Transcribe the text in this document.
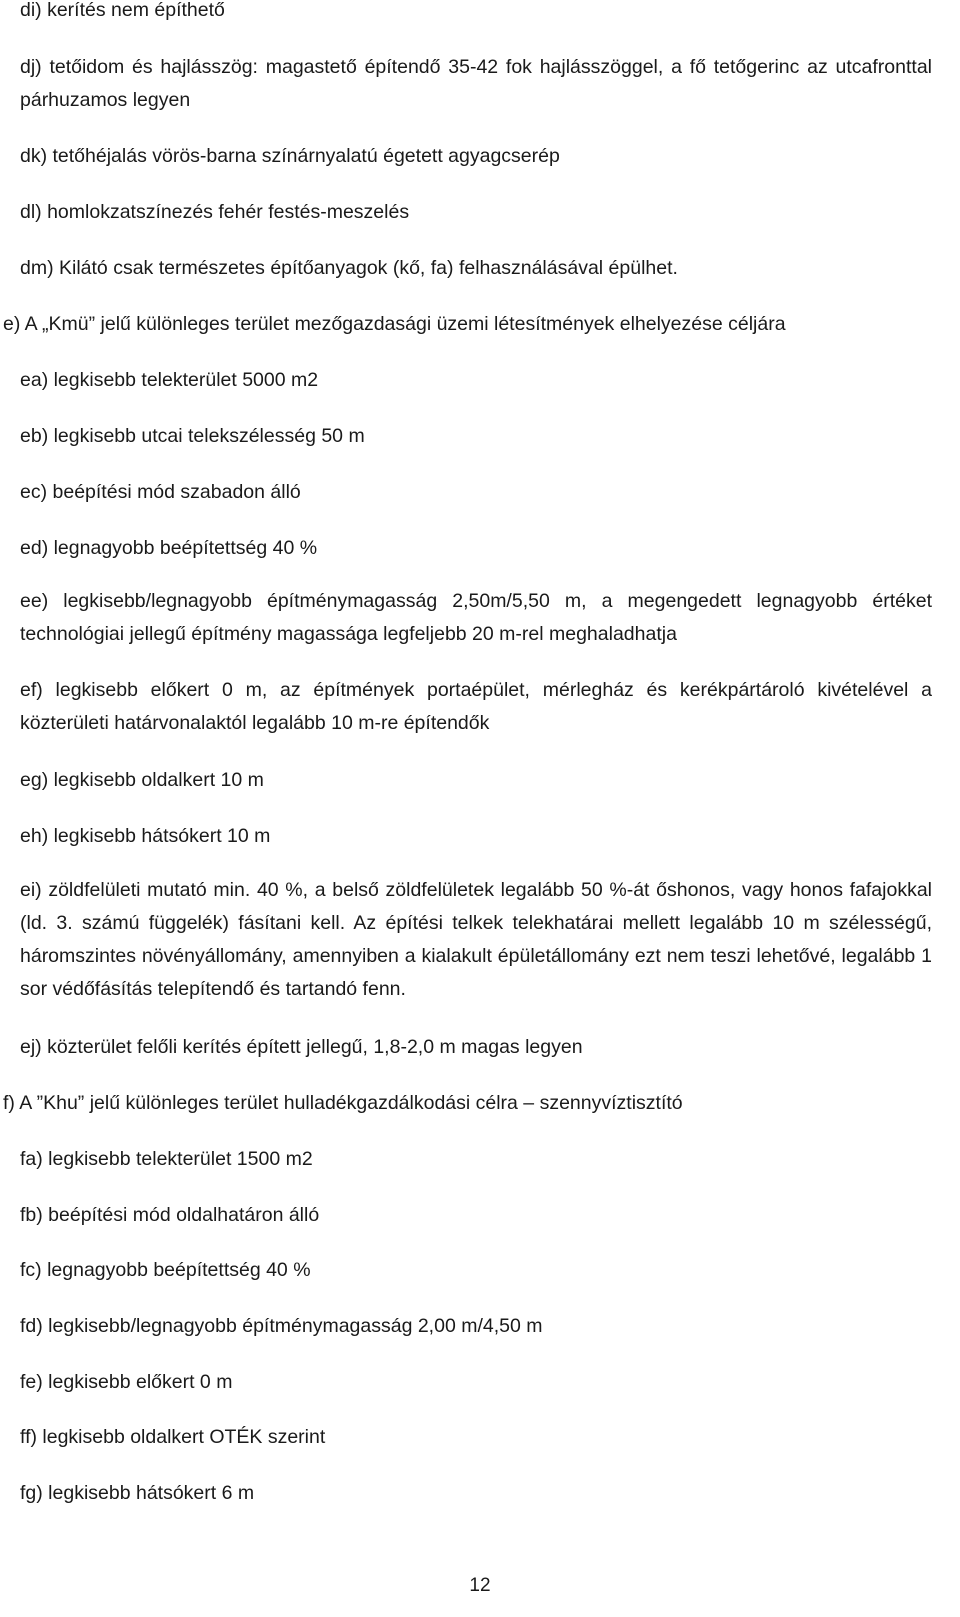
di) kerítés nem építhető

dj) tetőidom és hajlásszög: magastető építendő 35-42 fok hajlásszöggel, a fő tetőgerinc az utcafronttal párhuzamos legyen

dk) tetőhéjalás vörös-barna színárnyalatú égetett agyagcserép

dl) homlokzatszínezés fehér festés-meszelés

dm) Kilátó csak természetes építőanyagok (kő, fa) felhasználásával épülhet.

e) A „Kmü” jelű különleges terület mezőgazdasági üzemi létesítmények elhelyezése céljára

ea) legkisebb telekterület 5000 m2

eb) legkisebb utcai telekszélesség 50 m

ec) beépítési mód szabadon álló

ed) legnagyobb beépítettség 40 %

ee) legkisebb/legnagyobb építménymagasság 2,50m/5,50 m, a megengedett legnagyobb értéket technológiai jellegű építmény magassága legfeljebb 20 m-rel meghaladhatja

ef) legkisebb előkert 0 m, az építmények portaépület, mérlegház és kerékpártároló kivételével a közterületi határvonalaktól legalább 10 m-re építendők

eg) legkisebb oldalkert 10 m

eh) legkisebb hátsókert 10 m

ei) zöldfelületi mutató min. 40 %, a belső zöldfelületek legalább 50 %-át őshonos, vagy honos fafajokkal (ld. 3. számú függelék) fásítani kell. Az építési telkek telekhatárai mellett legalább 10 m szélességű, háromszintes növényállomány, amennyiben a kialakult épületállomány ezt nem teszi lehetővé, legalább 1 sor védőfásítás telepítendő és tartandó fenn.

ej) közterület felőli kerítés épített jellegű, 1,8-2,0 m magas legyen

f) A ”Khu” jelű különleges terület hulladékgazdálkodási célra – szennyvíztisztító

fa) legkisebb telekterület 1500 m2

fb) beépítési mód oldalhatáron álló

fc) legnagyobb beépítettség 40 %

fd) legkisebb/legnagyobb építménymagasság 2,00 m/4,50 m

fe) legkisebb előkert 0 m

ff) legkisebb oldalkert OTÉK szerint

fg) legkisebb hátsókert 6 m

12
